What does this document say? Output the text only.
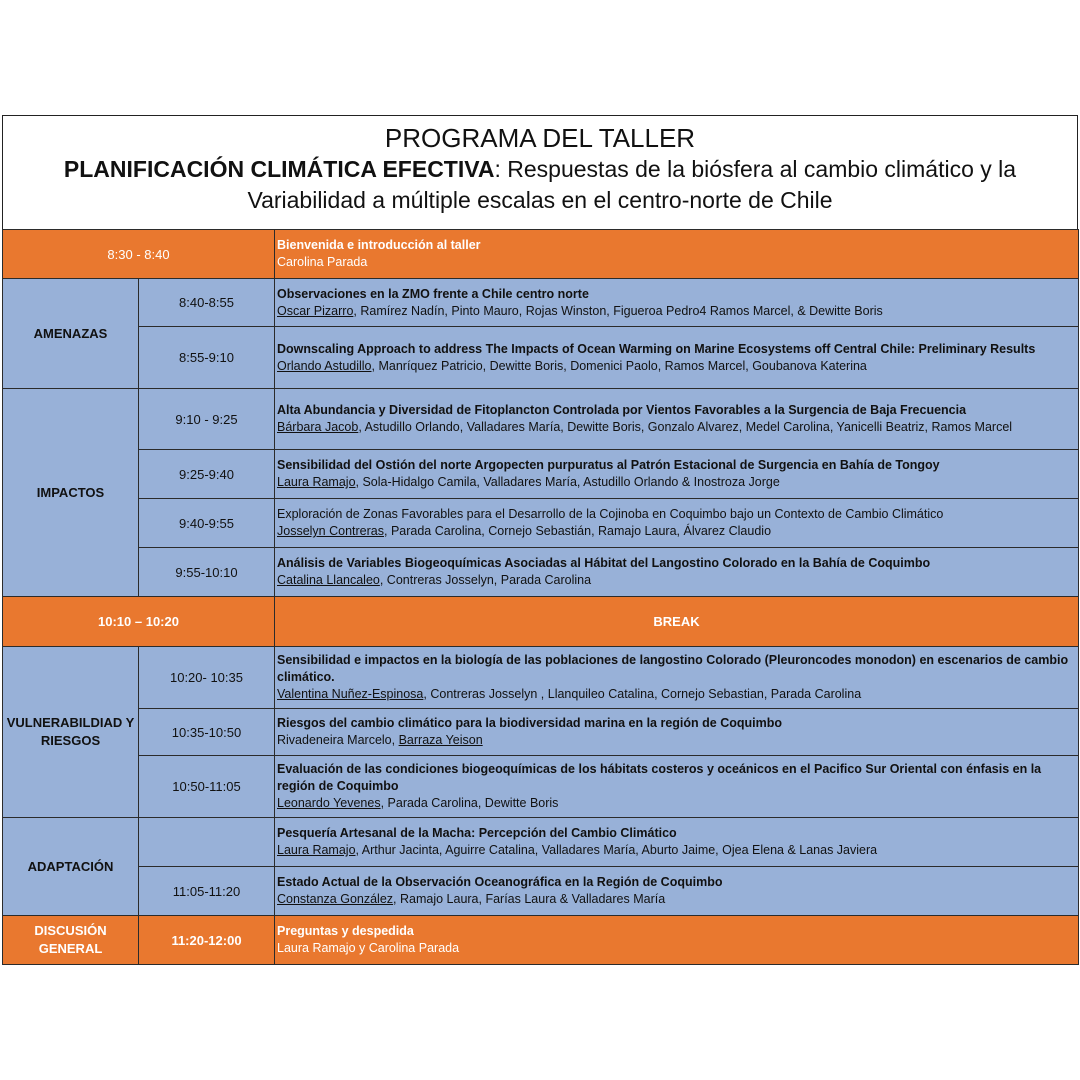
PROGRAMA DEL TALLER
PLANIFICACIÓN CLIMÁTICA EFECTIVA: Respuestas de la biósfera al cambio climático y la
Variabilidad a múltiple escalas en el centro-norte de Chile
8:30 - 8:40		Bienvenida e introducción al taller
Carolina Parada

AMENAZAS	8:40-8:55	Observaciones en la ZMO frente a Chile centro norte
Oscar Pizarro, Ramírez Nadín, Pinto Mauro, Rojas Winston, Figueroa Pedro4 Ramos Marcel, & Dewitte Boris

	8:55-9:10	Downscaling Approach to address The Impacts of Ocean Warming on Marine Ecosystems off Central Chile: Preliminary Results
Orlando Astudillo, Manríquez Patricio, Dewitte Boris, Domenici Paolo, Ramos Marcel, Goubanova Katerina

IMPACTOS	9:10 - 9:25	Alta Abundancia y Diversidad de Fitoplancton Controlada por Vientos Favorables a la Surgencia de Baja Frecuencia
Bárbara Jacob, Astudillo Orlando, Valladares María, Dewitte Boris, Gonzalo Alvarez, Medel Carolina, Yanicelli Beatriz, Ramos Marcel

	9:25-9:40	Sensibilidad del Ostión del norte Argopecten purpuratus al Patrón Estacional de Surgencia en Bahía de Tongoy
Laura Ramajo, Sola-Hidalgo Camila, Valladares María, Astudillo Orlando & Inostroza Jorge

	9:40-9:55	Exploración de Zonas Favorables para el Desarrollo de la Cojinoba en Coquimbo bajo un Contexto de Cambio Climático
Josselyn Contreras, Parada Carolina, Cornejo Sebastián, Ramajo Laura, Álvarez Claudio

	9:55-10:10	Análisis de Variables Biogeoquímicas Asociadas al Hábitat del Langostino Colorado en la Bahía de Coquimbo
Catalina Llancaleo, Contreras Josselyn, Parada Carolina

10:10 – 10:20		BREAK
VULNERABILDIAD Y RIESGOS	10:20- 10:35	Sensibilidad e impactos en la biología de las poblaciones de langostino Colorado (Pleuroncodes monodon) en escenarios de cambio climático.
Valentina Nuñez-Espinosa, Contreras Josselyn , Llanquileo Catalina, Cornejo Sebastian, Parada Carolina

	10:35-10:50	Riesgos del cambio climático para la biodiversidad marina en la región de Coquimbo
Rivadeneira Marcelo, Barraza Yeison

	10:50-11:05	Evaluación de las condiciones biogeoquímicas de los hábitats costeros y oceánicos en el Pacifico Sur Oriental con énfasis en la región de Coquimbo
Leonardo Yevenes, Parada Carolina, Dewitte Boris

ADAPTACIÓN		Pesquería Artesanal de la Macha: Percepción del Cambio Climático
Laura Ramajo, Arthur Jacinta, Aguirre Catalina, Valladares María, Aburto Jaime, Ojea Elena & Lanas Javiera

	11:05-11:20	Estado Actual de la Observación Oceanográfica en la Región de Coquimbo
Constanza González, Ramajo Laura, Farías Laura & Valladares María

DISCUSIÓN GENERAL	11:20-12:00	Preguntas y despedida
Laura Ramajo y Carolina Parada
